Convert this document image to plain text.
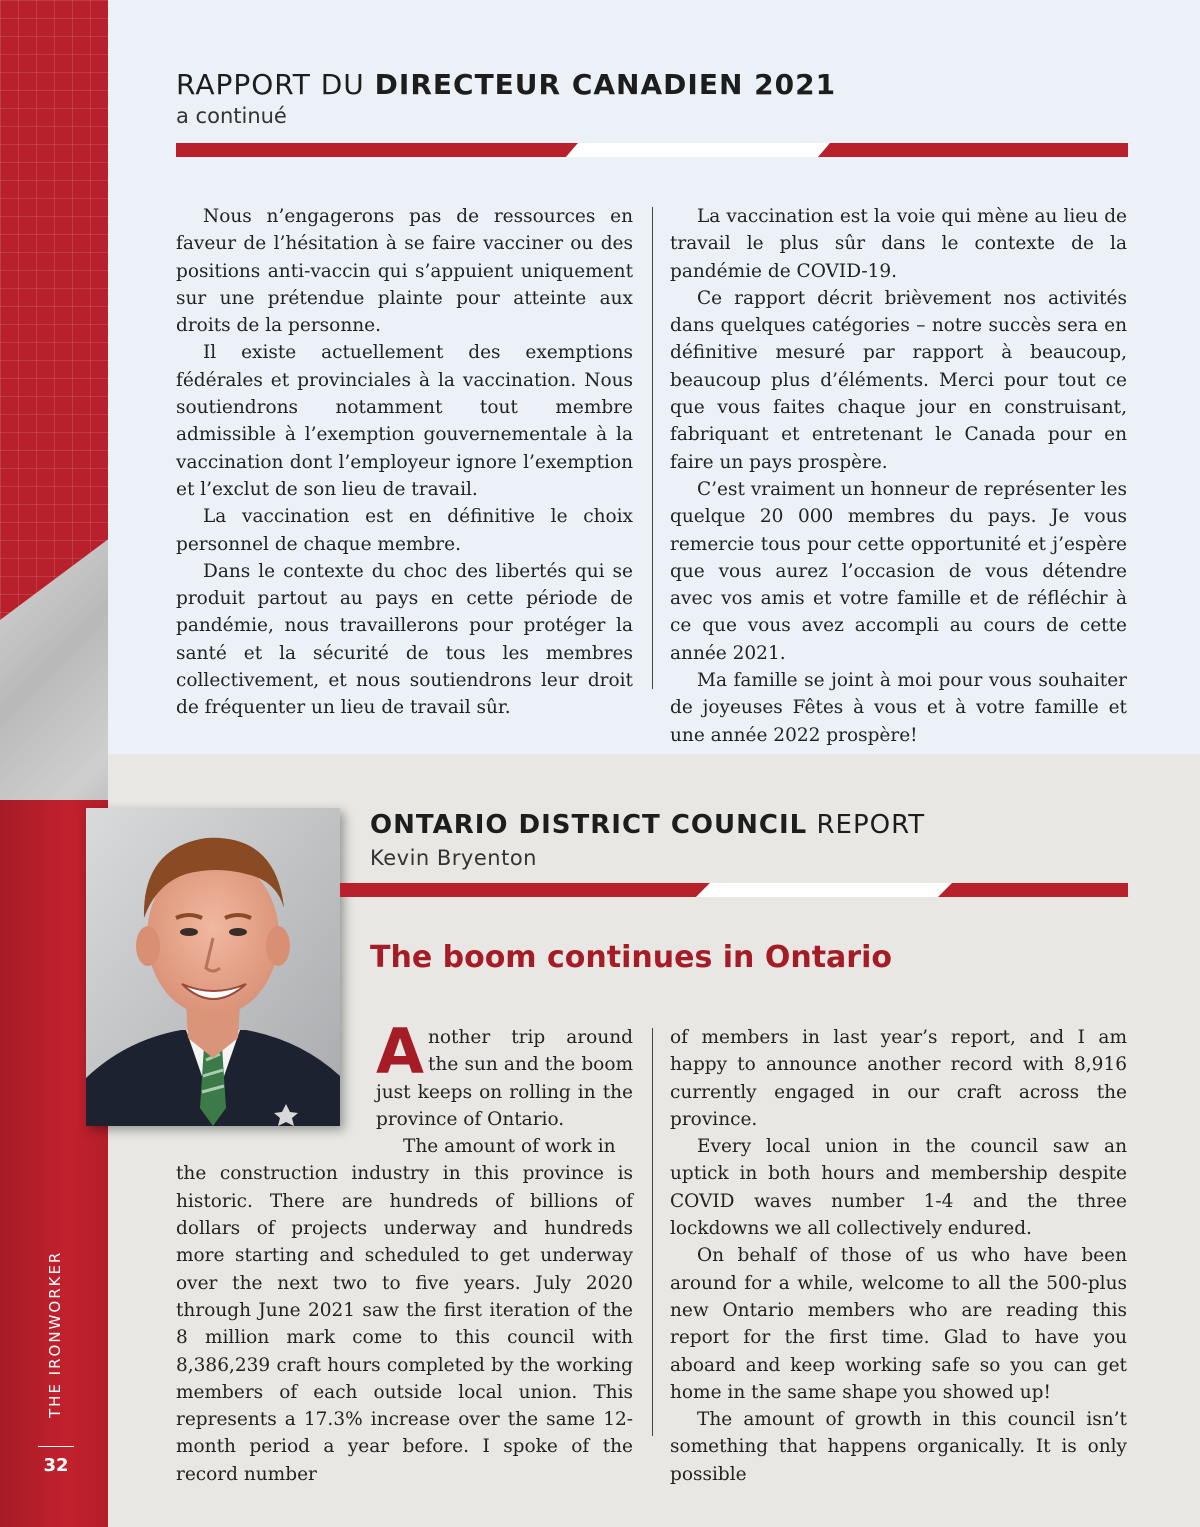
THE IRONWORKER
32
RAPPORT DU DIRECTEUR CANADIEN 2021
a continué

Nous n’engagerons pas de ressources en faveur de l’hésitation à se faire vacciner ou des positions anti-vaccin qui s’appuient uniquement sur une prétendue plainte pour atteinte aux droits de la personne.

Il existe actuellement des exemptions fédérales et provinciales à la vaccination. Nous soutiendrons notamment tout membre admissible à l’exemption gouvernementale à la vaccination dont l’employeur ignore l’exemption et l’exclut de son lieu de travail.

La vaccination est en définitive le choix personnel de chaque membre.

Dans le contexte du choc des libertés qui se produit partout au pays en cette période de pandémie, nous travaillerons pour protéger la santé et la sécurité de tous les membres collectivement, et nous soutiendrons leur droit de fréquenter un lieu de travail sûr.

La vaccination est la voie qui mène au lieu de travail le plus sûr dans le contexte de la pandémie de COVID-19.

Ce rapport décrit brièvement nos activités dans quelques catégories – notre succès sera en définitive mesuré par rapport à beaucoup, beaucoup plus d’éléments. Merci pour tout ce que vous faites chaque jour en construisant, fabriquant et entretenant le Canada pour en faire un pays prospère.

C’est vraiment un honneur de représenter les quelque 20 000 membres du pays. Je vous remercie tous pour cette opportunité et j’espère que vous aurez l’occasion de vous détendre avec vos amis et votre famille et de réfléchir à ce que vous avez accompli au cours de cette année 2021.

Ma famille se joint à moi pour vous souhaiter de joyeuses Fêtes à vous et à votre famille et une année 2022 prospère!

ONTARIO DISTRICT COUNCIL REPORT
Kevin Bryenton
The boom continues in Ontario

Another trip around the sun and the boom just keeps on rolling in the province of Ontario.

The amount of work in

the construction industry in this province is historic. There are hundreds of billions of dollars of projects underway and hundreds more starting and scheduled to get underway over the next two to five years. July 2020 through June 2021 saw the first iteration of the 8 million mark come to this council with 8,386,239 craft hours completed by the working members of each outside local union. This represents a 17.3% increase over the same 12-month period a year before. I spoke of the record number

of members in last year’s report, and I am happy to announce another record with 8,916 currently engaged in our craft across the province.

Every local union in the council saw an uptick in both hours and membership despite COVID waves number 1-4 and the three lockdowns we all collectively endured.

On behalf of those of us who have been around for a while, welcome to all the 500-plus new Ontario members who are reading this report for the first time. Glad to have you aboard and keep working safe so you can get home in the same shape you showed up!

The amount of growth in this council isn’t something that happens organically. It is only possible
